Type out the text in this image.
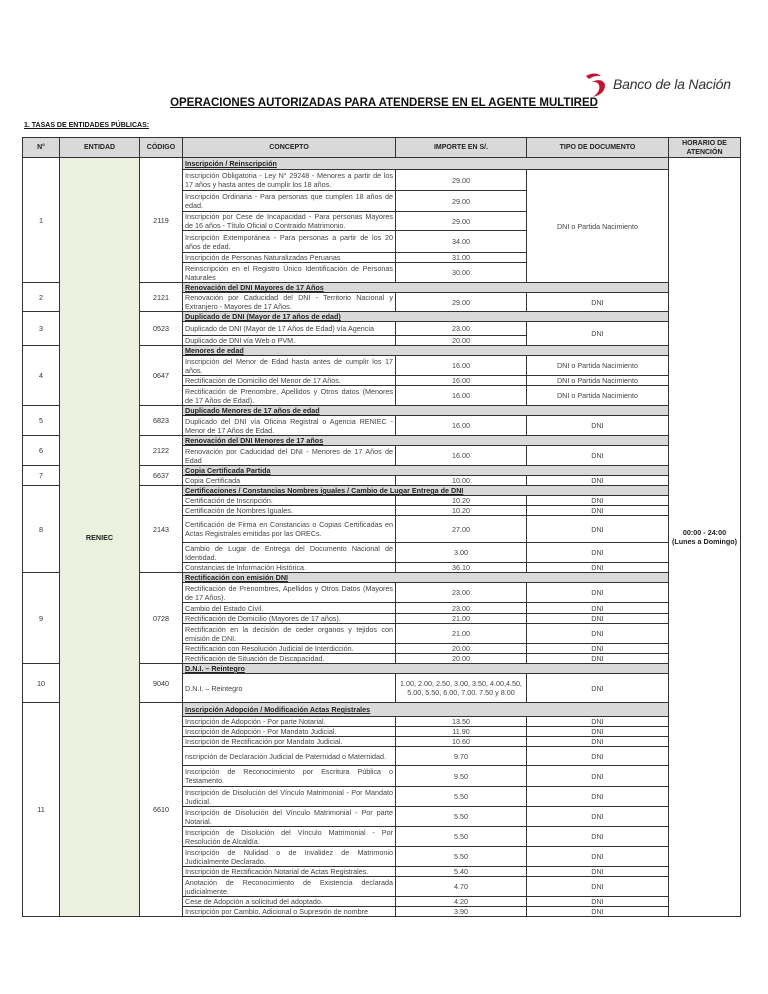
Banco de la Nación
OPERACIONES AUTORIZADAS PARA ATENDERSE EN EL AGENTE MULTIRED
1. TASAS DE ENTIDADES PÚBLICAS:
N°	ENTIDAD	CÓDIGO	CONCEPTO	IMPORTE EN S/.	TIPO DE DOCUMENTO	HORARIO DE ATENCIÓN
1	RENIEC	2119	Inscripción / Reinscripción			00:00 - 24:00 (Lunes a Domingo)
			Inscripción Obligatoria - Ley N° 29248 - Menores a partir de los 17 años y hasta antes de cumplir los 18 años.	29.00	DNI o Partida Nacimiento	
			Inscripción Ordinaria - Para personas que cumplen 18 años de edad.	29.00		
			Inscripción por Cese de Incapacidad - Para personas Mayores de 16 años - Título Oficial o Contraido Matrimonio.	29.00		
			Inscripción Extemporánea - Para personas a partir de los 20 años de edad.	34.00		
			Inscripción de Personas Naturalizadas Peruanas	31.00		
			Reinscripción en el Registro Único Identificación de Personas Naturales	30.00		
2		2121	Renovación del DNI Mayores de 17 Años			
			Renovación por Caducidad del DNI - Territorio Nacional y Extranjero - Mayores de 17 Años.	29.00	DNI	
3		0523	Duplicado de DNI (Mayor de 17 años de edad)			
			Duplicado de DNI (Mayor de 17 Años de Edad) vía Agencia	23.00	DNI	
			Duplicado de DNI vía Web o PVM.	20.00		
4		0647	Menores de edad			
			Inscripción del Menor de Edad hasta antes de cumplir los 17 años.	16.00	DNI o Partida Nacimiento	
			Rectificación de Domicilio del Menor de 17 Años.	16.00	DNI o Partida Nacimiento	
			Rectificación de Prenombre, Apellidos y Otros datos (Menores de 17 Años de Edad).	16.00	DNI o Partida Nacimiento	
5		6823	Duplicado Menores de 17 años de edad			
			Duplicado del DNI vía Oficina Registral o Agencia RENIEC - Menor de 17 Años de Edad.	16.00	DNI	
6		2122	Renovación del DNI Menores de 17 años			
			Renovación por Caducidad del DNI - Menores de 17 Años de Edad	16.00	DNI	
7		6637	Copia Certificada Partida			
			Copia Certificada	10.00	DNI	
8		2143	Certificaciones / Constancias Nombres iguales / Cambio de Lugar Entrega de DNI			
			Certificación de Inscripción.	10.20	DNI	
			Certificación de Nombres Iguales.	10.20	DNI	
			Certificación de Firma en Constancias o Copias Certificadas en Actas Registrales emitidas por las ORECs.	27.00	DNI	
			Cambio de Lugar de Entrega del Documento Nacional de Identidad.	3.00	DNI	
			Constancias de Información Histórica.	36.10	DNI	
9		0728	Rectificación con emisión DNI			
			Rectificación de Prenombres, Apellidos y Otros Datos (Mayores de 17 Años).	23.00	DNI	
			Cambio del Estado Civil.	23.00	DNI	
			Rectificación de Domicilio (Mayores de 17 años).	21.00	DNI	
			Rectificación en la decisión de ceder organos y tejidos con emisión de DNI.	21.00	DNI	
			Rectificación con Resolución Judicial de Interdicción.	20.00	DNI	
			Rectificación de Situación de Discapacidad.	20.00	DNI	
10		9040	D.N.I. – Reintegro			
			D.N.I. – Reintegro	1.00, 2.00, 2.50, 3.00, 3.50, 4.00,4.50, 5.00, 5.50, 6.00, 7.00. 7.50 y 8.00	DNI	
11		6610	Inscripción Adopción / Modificación Actas Registrales			
			Inscripción de Adopción - Por parte Notarial.	13.50	DNI	
			Inscripción de Adopción - Por Mandato Judicial.	11.90	DNI	
			Inscripción de Rectificación por Mandato Judicial.	10.60	DNI	
			nscripción de Declaración Judicial de Paternidad o Maternidad.	9.70	DNI	
			Inscripción de Reconocimiento por Escritura Pública o Testamento.	9.50	DNI	
			Inscripción de Disolución del Vínculo Matrimonial - Por Mandato Judicial.	5.50	DNI	
			Inscripción de Disolución del Vínculo Matrimonial - Por parte Notarial.	5.50	DNI	
			Inscripción de Disolución del Vínculo Matrimonial - Por Resolución de Alcaldía.	5.50	DNI	
			Inscripción de Nulidad o de Invalidez de Matrimonio Judicialmente Declarado.	5.50	DNI	
			Inscripción de Rectificación Notarial de Actas Registrales.	5.40	DNI	
			Anotación de Reconocimiento de Existencia declarada judicialmente.	4.70	DNI	
			Cese de Adopción a solicitud del adoptado.	4.20	DNI	
			Inscripción por Cambio, Adicional o Supresión de nombre	3.90	DNI	
